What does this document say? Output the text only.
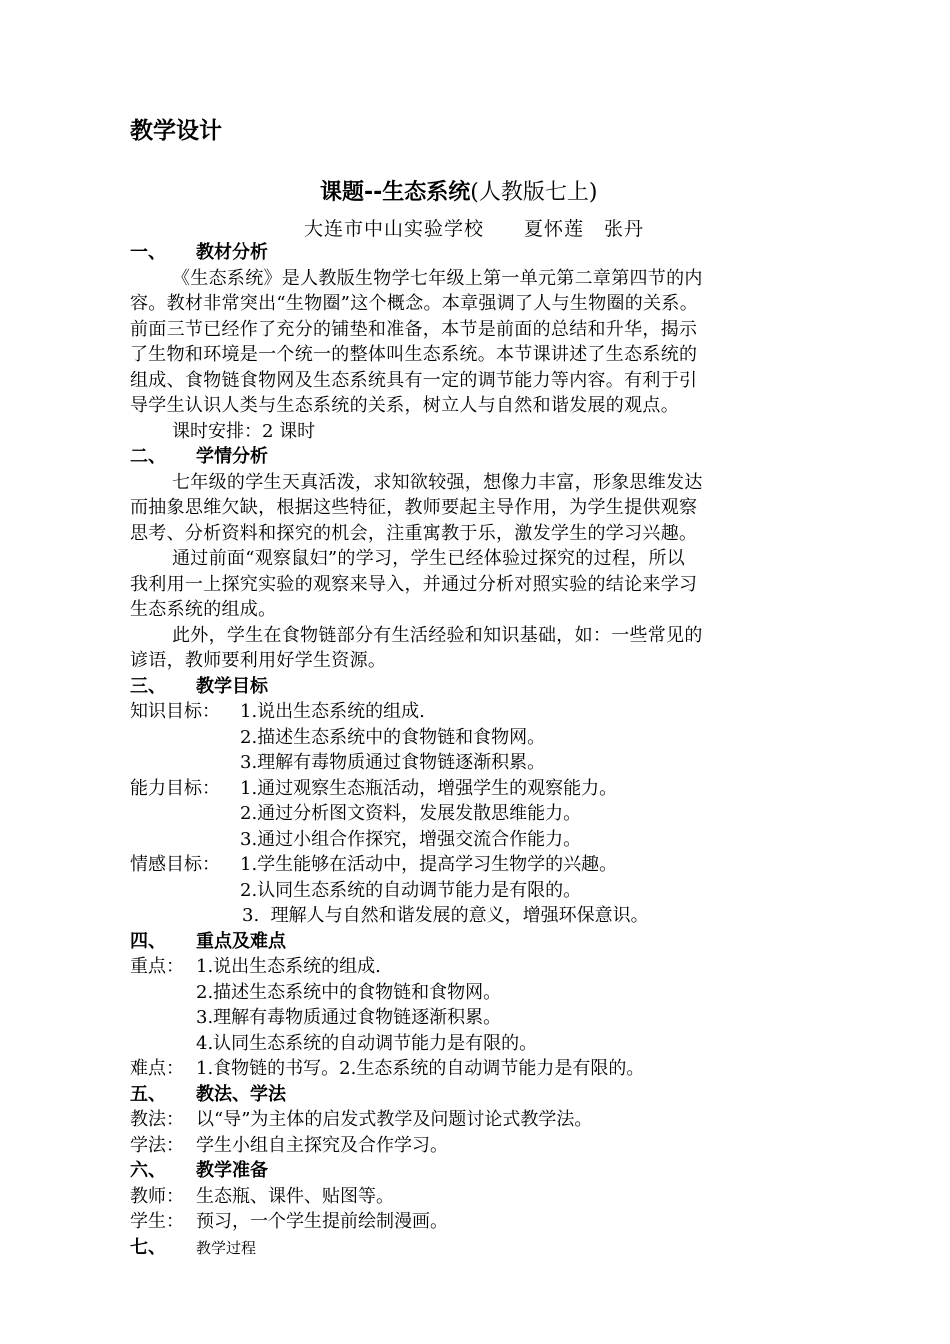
教学设计
课题--生态系统(人教版七上)
大连市中山实验学校　　夏怀莲　张丹
一、 教材分析
《生态系统》是人教版生物学七年级上第一单元第二章第四节的内
容。教材非常突出“生物圈”这个概念。本章强调了人与生物圈的关系。
前面三节已经作了充分的铺垫和准备，本节是前面的总结和升华，揭示
了生物和环境是一个统一的整体叫生态系统。本节课讲述了生态系统的
组成、食物链食物网及生态系统具有一定的调节能力等内容。有利于引
导学生认识人类与生态系统的关系，树立人与自然和谐发展的观点。
课时安排：2 课时
二、 学情分析
七年级的学生天真活泼，求知欲较强，想像力丰富，形象思维发达
而抽象思维欠缺，根据这些特征，教师要起主导作用，为学生提供观察
思考、分析资料和探究的机会，注重寓教于乐，激发学生的学习兴趣。
通过前面“观察鼠妇”的学习，学生已经体验过探究的过程，所以
我利用一上探究实验的观察来导入，并通过分析对照实验的结论来学习
生态系统的组成。
此外，学生在食物链部分有生活经验和知识基础，如：一些常见的
谚语，教师要利用好学生资源。
三、 教学目标
知识目标： 1.说出生态系统的组成.
2.描述生态系统中的食物链和食物网。
3.理解有毒物质通过食物链逐渐积累。
能力目标： 1.通过观察生态瓶活动，增强学生的观察能力。
2.通过分析图文资料，发展发散思维能力。
3.通过小组合作探究，增强交流合作能力。
情感目标： 1.学生能够在活动中，提高学习生物学的兴趣。
2.认同生态系统的自动调节能力是有限的。
3.  理解人与自然和谐发展的意义，增强环保意识。
四、 重点及难点
重点： 1.说出生态系统的组成.
2.描述生态系统中的食物链和食物网。
3.理解有毒物质通过食物链逐渐积累。
4.认同生态系统的自动调节能力是有限的。
难点： 1.食物链的书写。2.生态系统的自动调节能力是有限的。
五、 教法、学法
教法： 以“导”为主体的启发式教学及问题讨论式教学法。
学法： 学生小组自主探究及合作学习。
六、 教学准备
教师： 生态瓶、课件、贴图等。
学生： 预习，一个学生提前绘制漫画。
七、 教学过程
